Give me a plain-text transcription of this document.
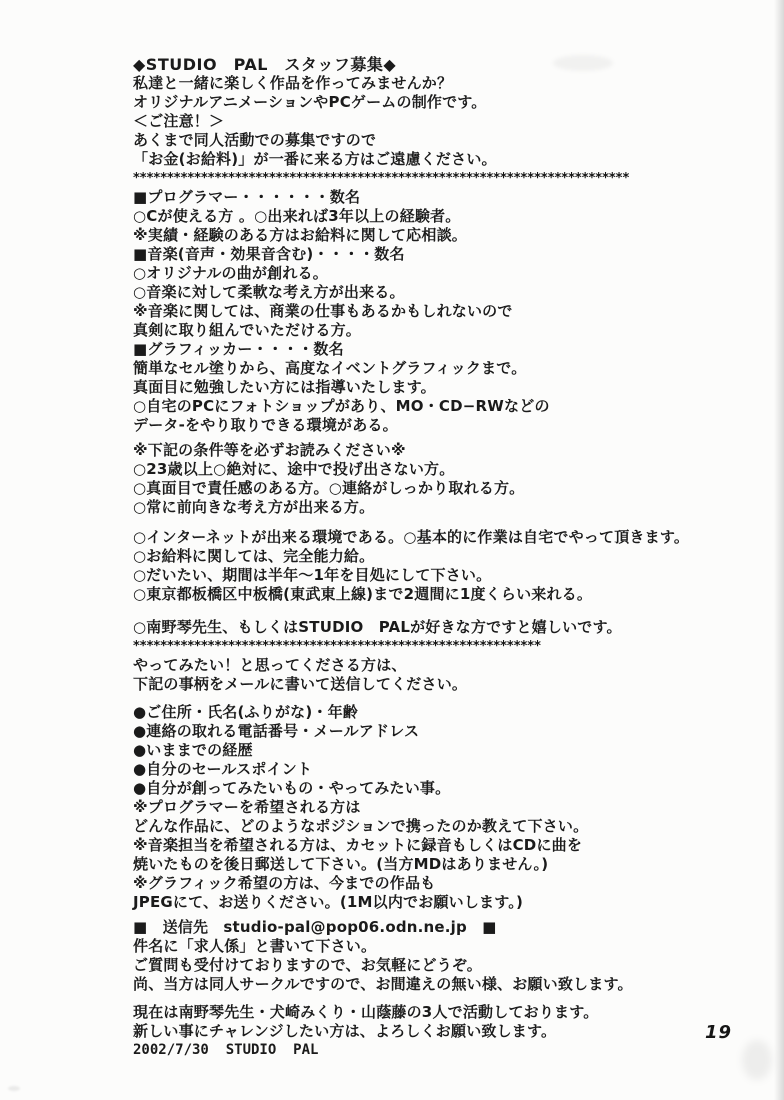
◆STUDIO　PAL　スタッフ募集◆
私達と一緒に楽しく作品を作ってみませんか？
オリジナルアニメーションやPCゲームの制作です。
＜ご注意！＞
あくまで同人活動での募集ですので
「お金(お給料)」が一番に来る方はご遠慮ください。
*************************************************************************
■プログラマー・・・・・・数名
○Cが使える方 。○出来れば3年以上の経験者。
※実績・経験のある方はお給料に関して応相談。
■音楽(音声・効果音含む)・・・・数名
○オリジナルの曲が創れる。
○音楽に対して柔軟な考え方が出来る。
※音楽に関しては、商業の仕事もあるかもしれないので
真剣に取り組んでいただける方。
■グラフィッカー・・・・数名
簡単なセル塗りから、高度なイベントグラフィックまで。
真面目に勉強したい方には指導いたします。
○自宅のPCにフォトショップがあり、MO・CD−RWなどの
データ-をやり取りできる環境がある。
※下記の条件等を必ずお読みください※
○23歳以上○絶対に、途中で投げ出さない方。
○真面目で責任感のある方。○連絡がしっかり取れる方。
○常に前向きな考え方が出来る方。
○インターネットが出来る環境である。○基本的に作業は自宅でやって頂きます。
○お給料に関しては、完全能力給。
○だいたい、期間は半年～1年を目処にして下さい。
○東京都板橋区中板橋(東武東上線)まで2週間に1度くらい来れる。
○南野琴先生、もしくはSTUDIO　PALが好きな方ですと嬉しいです。
************************************************************
やってみたい！と思ってくださる方は、
下記の事柄をメールに書いて送信してください。
●ご住所・氏名(ふりがな)・年齢
●連絡の取れる電話番号・メールアドレス
●いままでの経歴
●自分のセールスポイント
●自分が創ってみたいもの・やってみたい事。
※プログラマーを希望される方は
どんな作品に、どのようなポジションで携ったのか教えて下さい。
※音楽担当を希望される方は、カセットに録音もしくはCDに曲を
焼いたものを後日郵送して下さい。(当方MDはありません。)
※グラフィック希望の方は、今までの作品も
JPEGにて、お送りください。(1M以内でお願いします。)
■　送信先　studio-pal@pop06.odn.ne.jp　■
件名に「求人係」と書いて下さい。
ご質問も受付けておりますので、お気軽にどうぞ。
尚、当方は同人サークルですので、お間違えの無い様、お願い致します。
現在は南野琴先生・犬崎みくり・山蔭藤の3人で活動しております。
新しい事にチャレンジしたい方は、よろしくお願い致します。
2002/7/30  STUDIO  PAL
19
